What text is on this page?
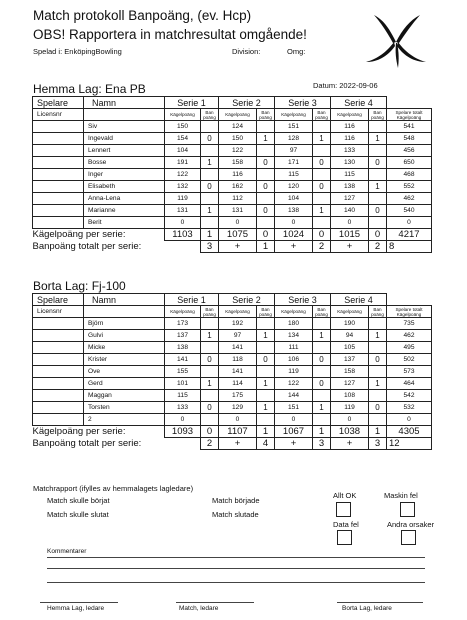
Match protokoll Banpoäng, (ev. Hcp)
OBS! Rapportera in matchresultat omgående!
Spelad i: EnköpingBowling	Division:	Omg:
Hemma Lag: Ena PB	Datum: 2022-09-06
Spelare	Namn	Serie 1		Serie 2		Serie 3		Serie 4		
Licensnr		Kägelpoäng	Ban poäng	Kägelpoäng	Ban poäng	Kägelpoäng	Ban poäng	Kägelpoäng	Ban poäng	Spelare totalt Kägelpoäng
	Siv	150		124		151		116		541
	Ingevald	154	0	150	1	128	1	116	1	548
	Lennert	104		122		97		133		456
	Bosse	191	1	158	0	171	0	130	0	650
	Inger	122		116		115		115		468
	Elisabeth	132	0	162	0	120	0	138	1	552
	Anna-Lena	119		112		104		127		462
	Marianne	131	1	131	0	138	1	140	0	540
	Berit	0		0		0		0		0
Kägelpoäng per serie:		1103	1	1075	0	1024	0	1015	0	4217
Banpoäng totalt per serie:			3	+	1	+	2	+	2	8
Borta Lag: Fj-100
Spelare	Namn	Serie 1		Serie 2		Serie 3		Serie 4		
Licensnr		Kägelpoäng	Ban poäng	Kägelpoäng	Ban poäng	Kägelpoäng	Ban poäng	Kägelpoäng	Ban poäng	Spelare totalt Kägelpoäng
	Björn	173		192		180		190		735
	Gulvi	137	1	97	1	134	1	94	1	462
	Micke	138		141		111		105		495
	Krister	141	0	118	0	106	0	137	0	502
	Ove	155		141		119		158		573
	Gerd	101	1	114	1	122	0	127	1	464
	Maggan	115		175		144		108		542
	Torsten	133	0	129	1	151	1	119	0	532
	2	0		0		0		0		0
Kägelpoäng per serie:		1093	0	1107	1	1067	1	1038	1	4305
Banpoäng totalt per serie:			2	+	4	+	3	+	3	12
Matchrapport (ifylles av hemmalagets lagledare)
Match skulle börjat
Match skulle slutat
Match började
Match slutade
Allt OK	Maskin fel
Data fel	Andra orsaker
Kommentarer
Hemma Lag, ledare	Match, ledare	Borta Lag, ledare
